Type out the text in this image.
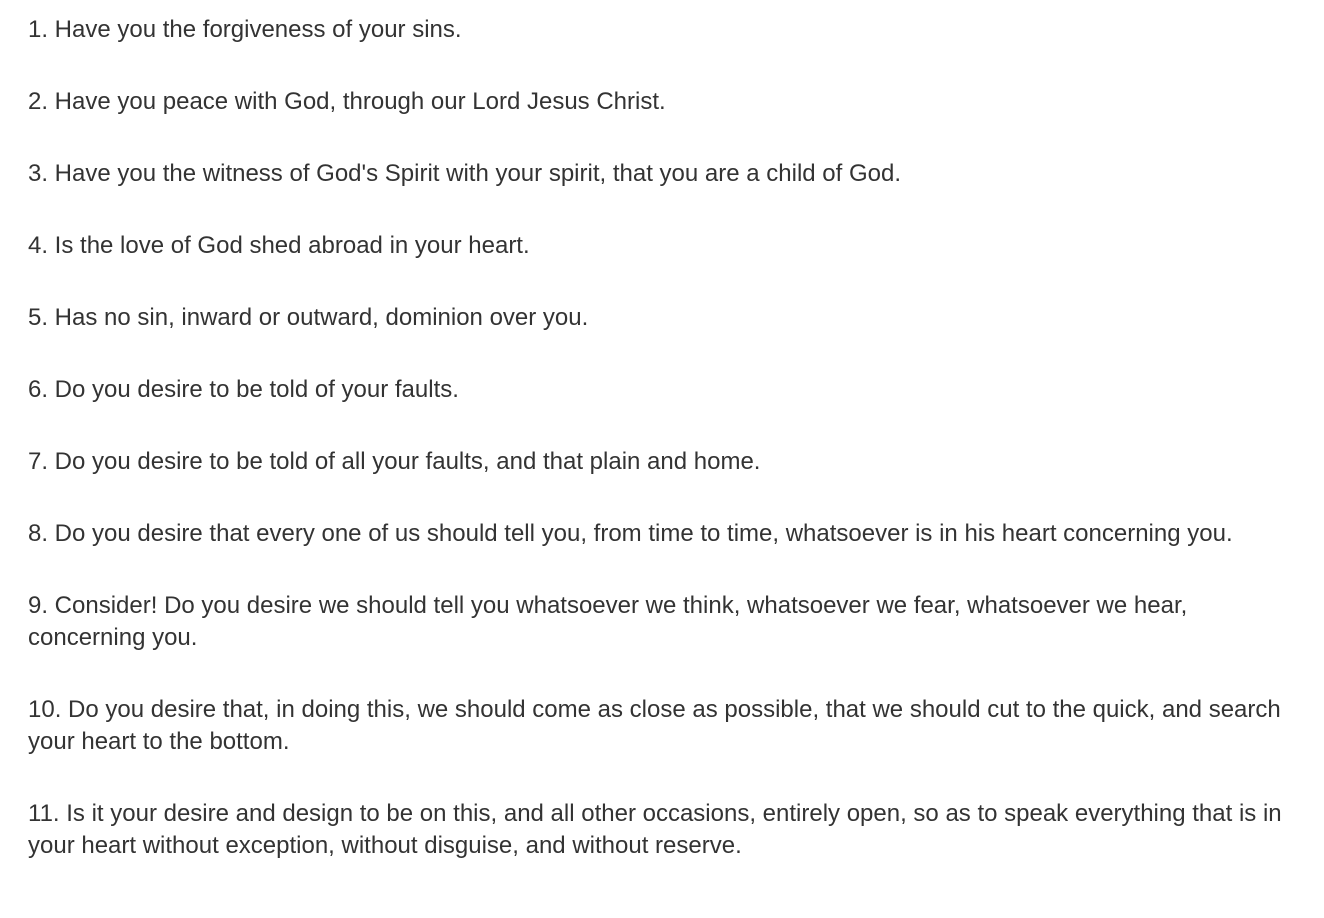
1. Have you the forgiveness of your sins.

2. Have you peace with God, through our Lord Jesus Christ.

3. Have you the witness of God's Spirit with your spirit, that you are a child of God.

4. Is the love of God shed abroad in your heart.

5. Has no sin, inward or outward, dominion over you.

6. Do you desire to be told of your faults.

7. Do you desire to be told of all your faults, and that plain and home.

8. Do you desire that every one of us should tell you, from time to time, whatsoever is in his heart concerning you.

9. Consider! Do you desire we should tell you whatsoever we think, whatsoever we fear, whatsoever we hear, concerning you.

10. Do you desire that, in doing this, we should come as close as possible, that we should cut to the quick, and search your heart to the bottom.

11. Is it your desire and design to be on this, and all other occasions, entirely open, so as to speak everything that is in your heart without exception, without disguise, and without reserve.
